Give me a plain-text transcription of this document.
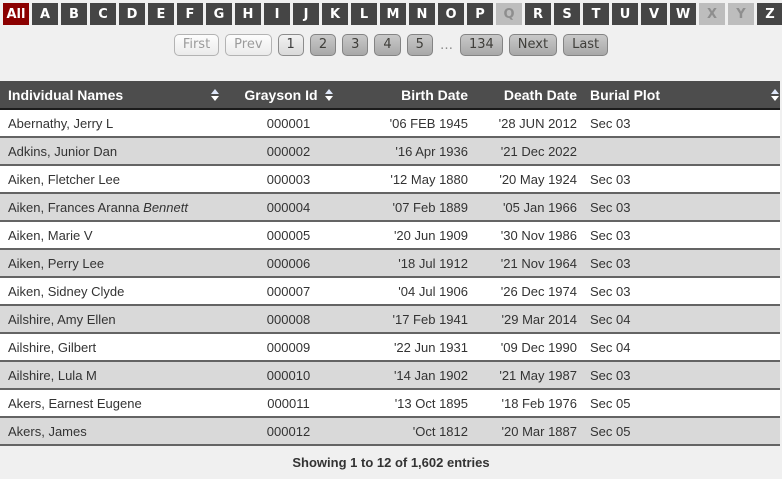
All	A	B	C	D	E	F	G	H	I	J	K	L	M	N	O	P	Q	R	S	T	U	V	W	X	Y	Z
First	Prev	1	2	3	4	5	…	134	Next	Last
Individual Names	Grayson Id	Birth Date	Death Date	Burial Plot

Abernathy, Jerry L	000001	'06 FEB 1945	'28 JUN 2012	Sec 03
Adkins, Junior Dan	000002	'16 Apr 1936	'21 Dec 2022	
Aiken, Fletcher Lee	000003	'12 May 1880	'20 May 1924	Sec 03
Aiken, Frances Aranna Bennett	000004	'07 Feb 1889	'05 Jan 1966	Sec 03
Aiken, Marie V	000005	'20 Jun 1909	'30 Nov 1986	Sec 03
Aiken, Perry Lee	000006	'18 Jul 1912	'21 Nov 1964	Sec 03
Aiken, Sidney Clyde	000007	'04 Jul 1906	'26 Dec 1974	Sec 03
Ailshire, Amy Ellen	000008	'17 Feb 1941	'29 Mar 2014	Sec 04
Ailshire, Gilbert	000009	'22 Jun 1931	'09 Dec 1990	Sec 04
Ailshire, Lula M	000010	'14 Jan 1902	'21 May 1987	Sec 03
Akers, Earnest Eugene	000011	'13 Oct 1895	'18 Feb 1976	Sec 05
Akers, James	000012	'Oct 1812	'20 Mar 1887	Sec 05
Showing 1 to 12 of 1,602 entries
